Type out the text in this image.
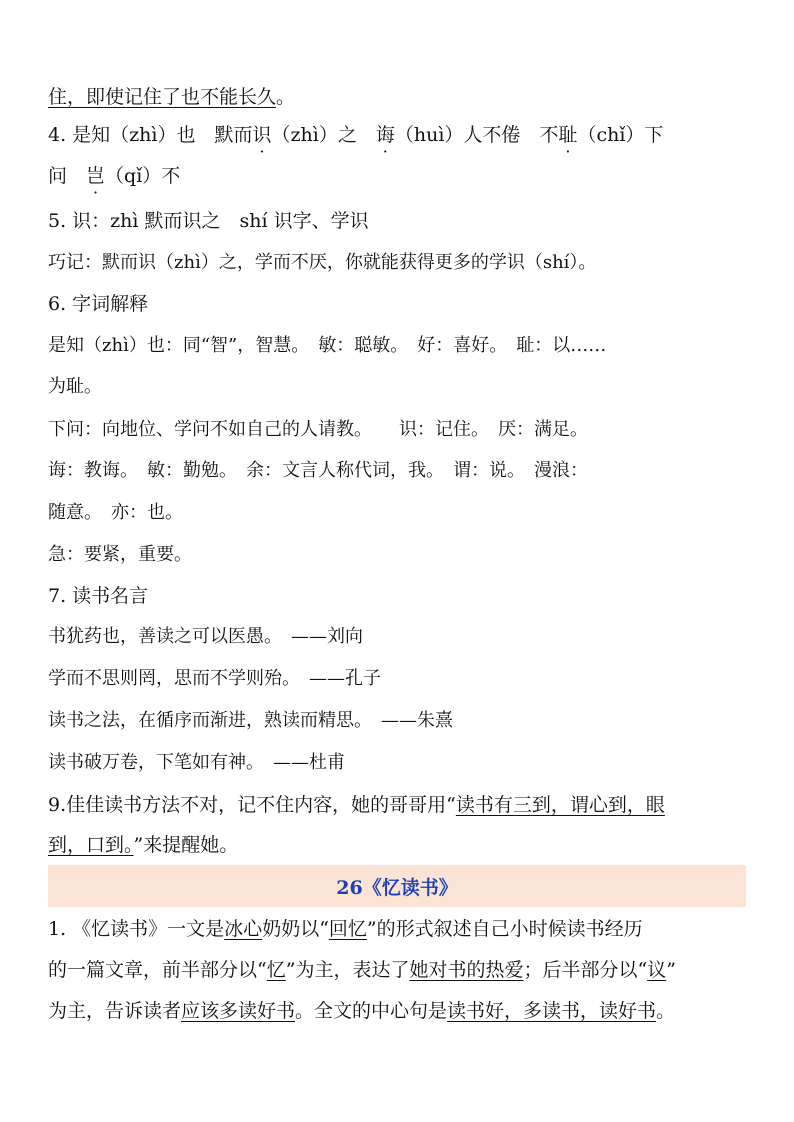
住，即使记住了也不能长久。
4. 是知（zhì）也　默而识（zhì）之　诲（huì）人不倦　不耻（chǐ）下
问　岂（qǐ）不
5. 识：zhì 默而识之　shí 识字、学识
巧记：默而识（zhì）之，学而不厌，你就能获得更多的学识（shí）。
6. 字词解释
是知（zhì）也：同“智”，智慧。　敏：聪敏。　好：喜好。　耻：以……
为耻。
下问：向地位、学问不如自己的人请教。　　识：记住。　厌：满足。
诲：教诲。　敏：勤勉。　余：文言人称代词，我。　谓：说。　漫浪：
随意。　亦：也。
急：要紧，重要。
7. 读书名言
书犹药也，善读之可以医愚。　——刘向
学而不思则罔，思而不学则殆。　——孔子
读书之法，在循序而渐进，熟读而精思。　——朱熹
读书破万卷，下笔如有神。　——杜甫
9.佳佳读书方法不对，记不住内容，她的哥哥用“读书有三到，谓心到，眼
到，口到。”来提醒她。
26《忆读书》
1. 《忆读书》一文是冰心奶奶以“回忆”的形式叙述自己小时候读书经历
的一篇文章，前半部分以“忆”为主，表达了她对书的热爱；后半部分以“议”
为主，告诉读者应该多读好书。全文的中心句是读书好，多读书，读好书。
